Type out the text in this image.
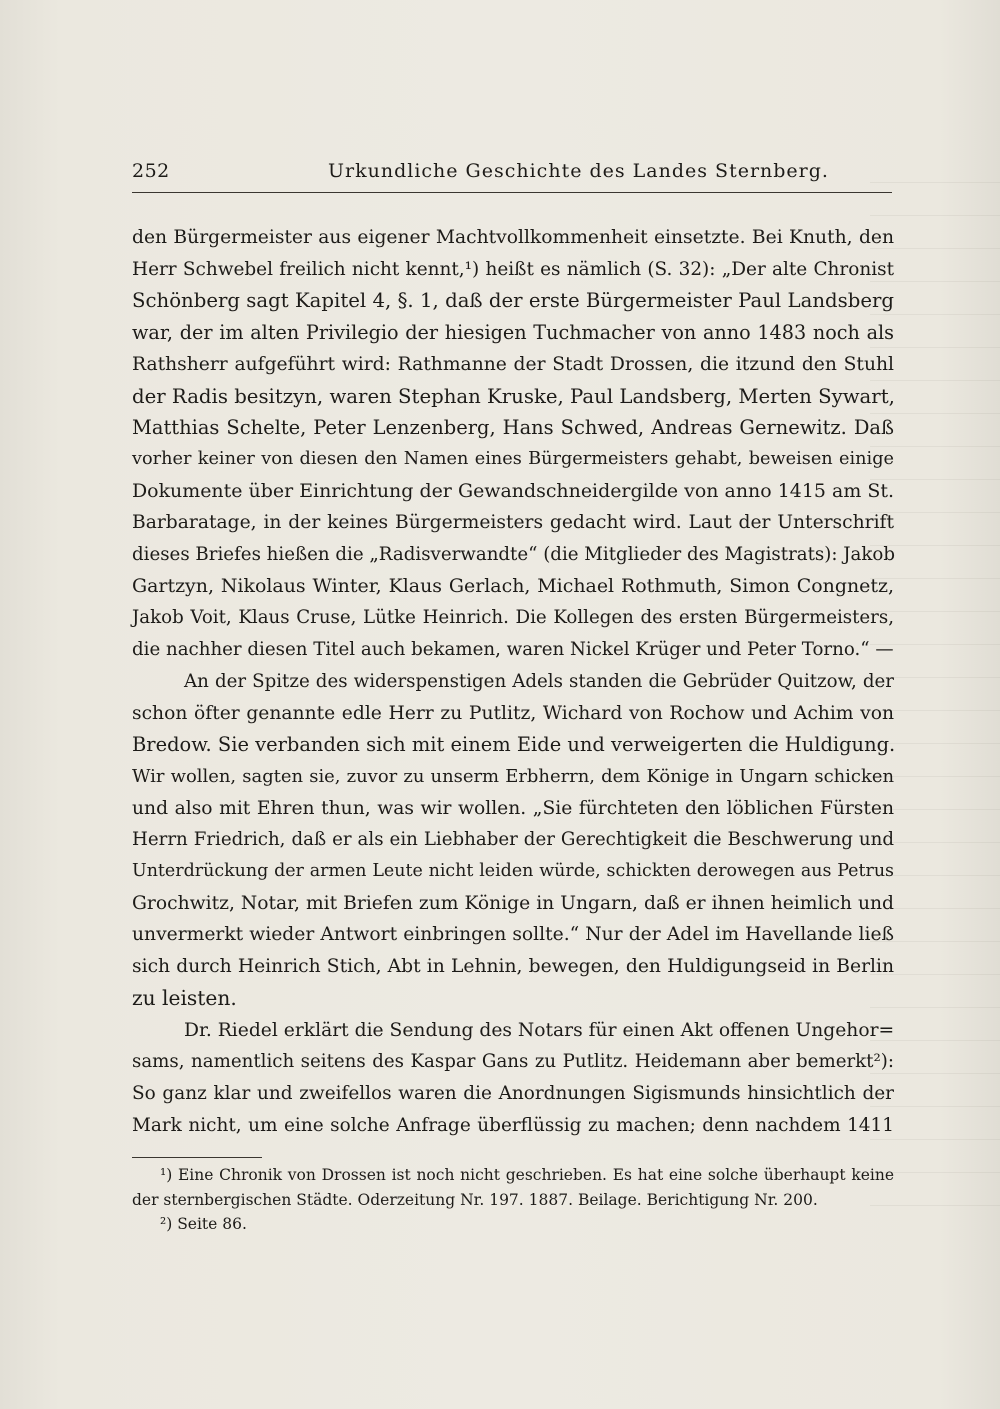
252	Urkundliche Geschichte des Landes Sternberg.
den Bürgermeister aus eigener Machtvollkommenheit einsetzte. Bei Knuth, den
Herr Schwebel freilich nicht kennt,¹) heißt es nämlich (S. 32): „Der alte Chronist
Schönberg sagt Kapitel 4, §. 1, daß der erste Bürgermeister Paul Landsberg
war, der im alten Privilegio der hiesigen Tuchmacher von anno 1483 noch als
Rathsherr aufgeführt wird: Rathmanne der Stadt Drossen, die itzund den Stuhl
der Radis besitzyn, waren Stephan Kruske, Paul Landsberg, Merten Sywart,
Matthias Schelte, Peter Lenzenberg, Hans Schwed, Andreas Gernewitz. Daß
vorher keiner von diesen den Namen eines Bürgermeisters gehabt, beweisen einige
Dokumente über Einrichtung der Gewandschneidergilde von anno 1415 am St.
Barbaratage, in der keines Bürgermeisters gedacht wird. Laut der Unterschrift
dieses Briefes hießen die „Radisverwandte“ (die Mitglieder des Magistrats): Jakob
Gartzyn, Nikolaus Winter, Klaus Gerlach, Michael Rothmuth, Simon Congnetz,
Jakob Voit, Klaus Cruse, Lütke Heinrich. Die Kollegen des ersten Bürgermeisters,
die nachher diesen Titel auch bekamen, waren Nickel Krüger und Peter Torno.“ —
An der Spitze des widerspenstigen Adels standen die Gebrüder Quitzow, der
schon öfter genannte edle Herr zu Putlitz, Wichard von Rochow und Achim von
Bredow. Sie verbanden sich mit einem Eide und verweigerten die Huldigung.
Wir wollen, sagten sie, zuvor zu unserm Erbherrn, dem Könige in Ungarn schicken
und also mit Ehren thun, was wir wollen. „Sie fürchteten den löblichen Fürsten
Herrn Friedrich, daß er als ein Liebhaber der Gerechtigkeit die Beschwerung und
Unterdrückung der armen Leute nicht leiden würde, schickten derowegen aus Petrus
Grochwitz, Notar, mit Briefen zum Könige in Ungarn, daß er ihnen heimlich und
unvermerkt wieder Antwort einbringen sollte.“ Nur der Adel im Havellande ließ
sich durch Heinrich Stich, Abt in Lehnin, bewegen, den Huldigungseid in Berlin
zu leisten.
Dr. Riedel erklärt die Sendung des Notars für einen Akt offenen Ungehor=
sams, namentlich seitens des Kaspar Gans zu Putlitz. Heidemann aber bemerkt²):
So ganz klar und zweifellos waren die Anordnungen Sigismunds hinsichtlich der
Mark nicht, um eine solche Anfrage überflüssig zu machen; denn nachdem 1411
¹) Eine Chronik von Drossen ist noch nicht geschrieben. Es hat eine solche überhaupt keine
der sternbergischen Städte. Oderzeitung Nr. 197. 1887. Beilage. Berichtigung Nr. 200.
²) Seite 86.
